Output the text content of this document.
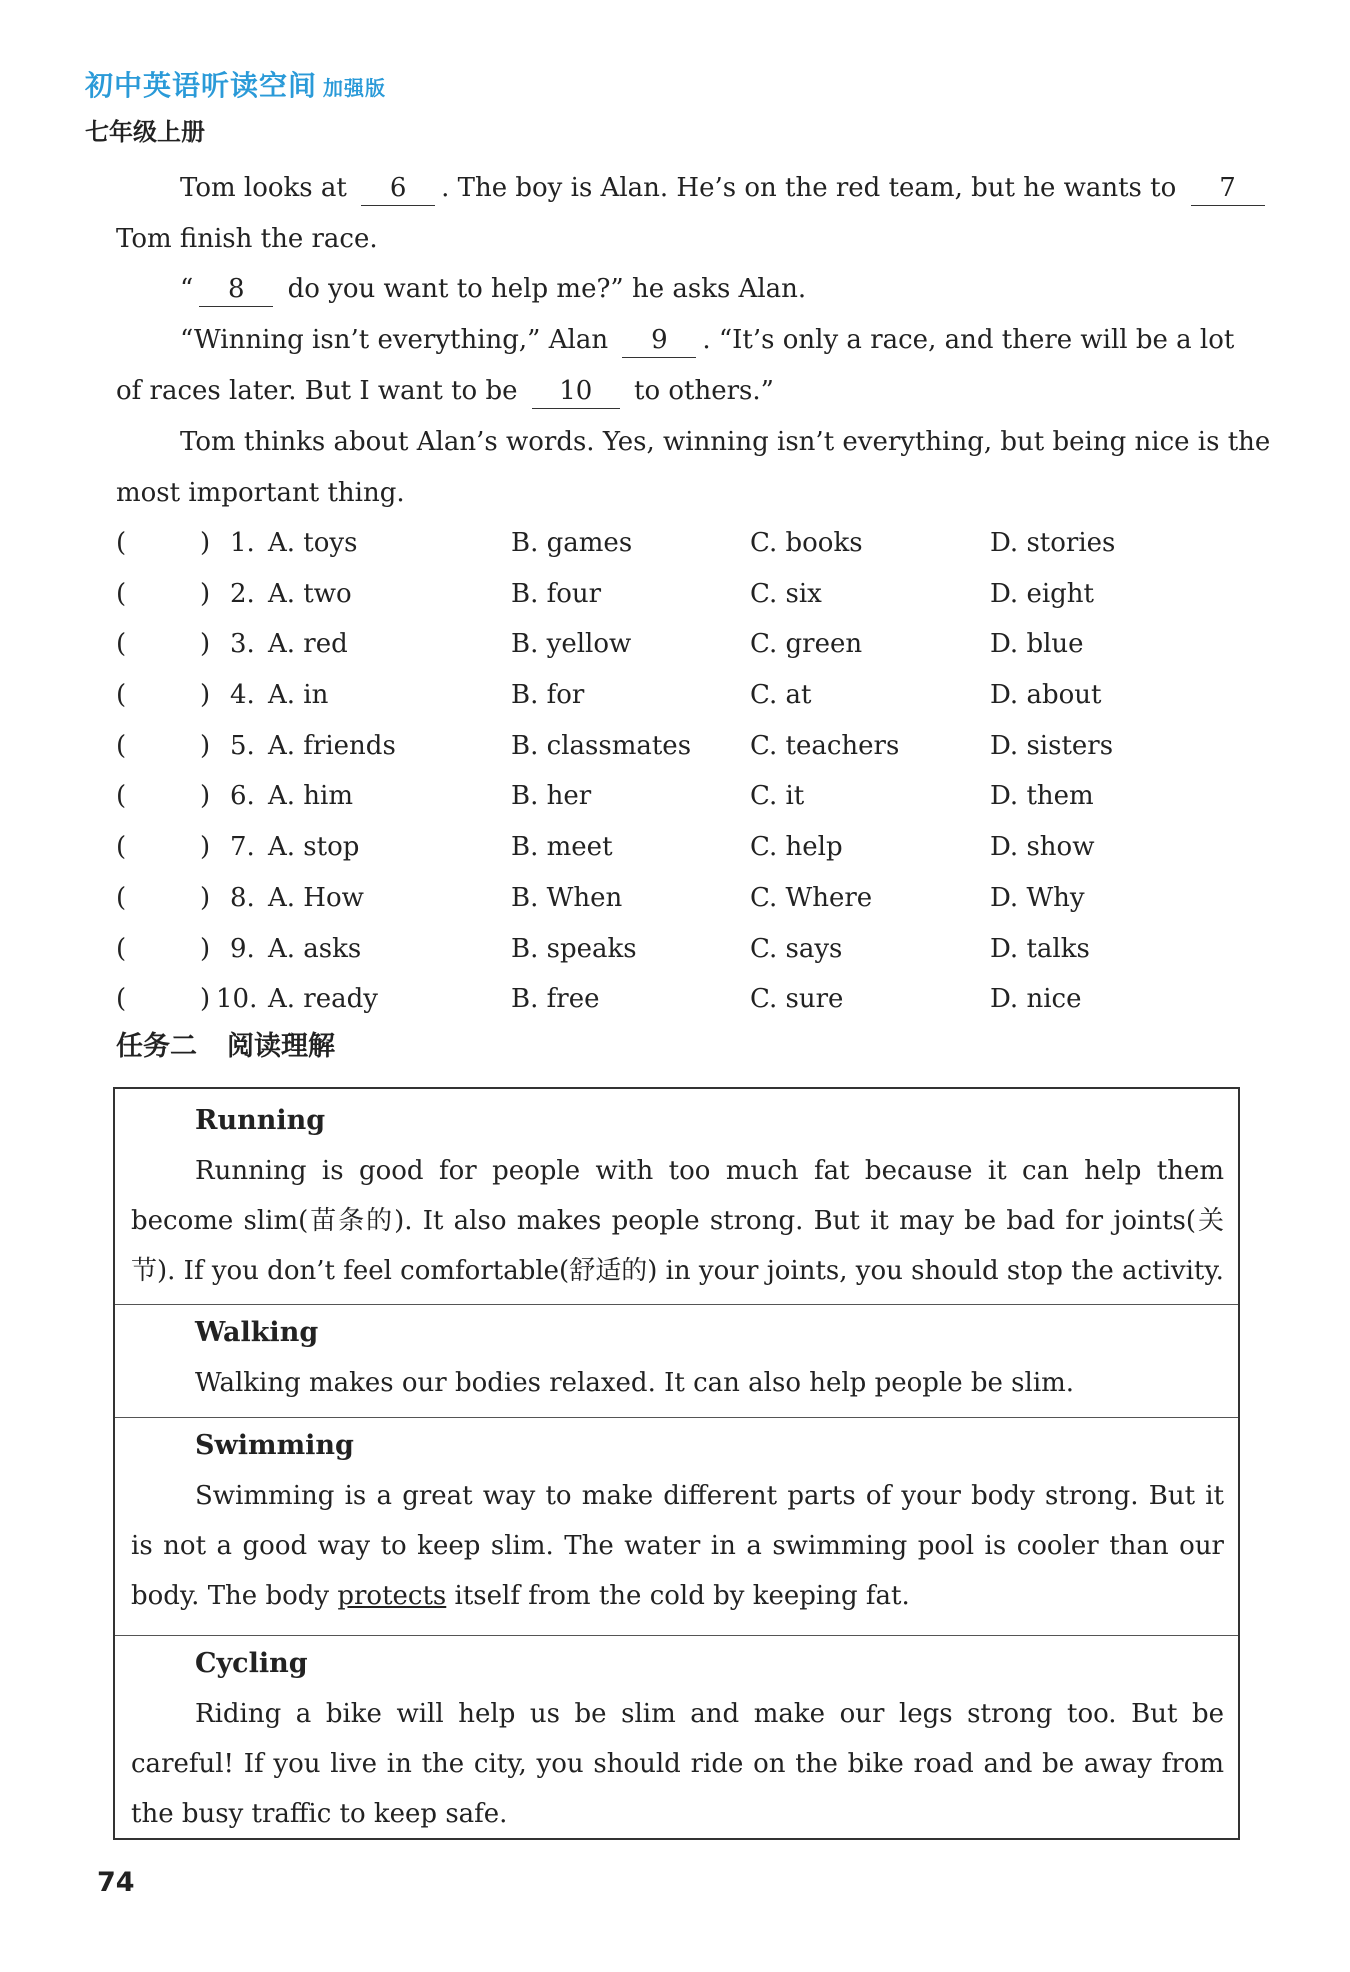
初中英语听读空间 加强版
七年级上册
Tom looks at 6 . The boy is Alan. He’s on the red team, but he wants to 7
Tom finish the race.
“ 8 do you want to help me?” he asks Alan.
“Winning isn’t everything,” Alan 9 . “It’s only a race, and there will be a lot
of races later. But I want to be 10 to others.”
Tom thinks about Alan’s words. Yes, winning isn’t everything, but being nice is the
most important thing.
(	) 1. A. toys	B. games	C. books	D. stories
(	) 2. A. two	B. four	C. six	D. eight
(	) 3. A. red	B. yellow	C. green	D. blue
(	) 4. A. in	B. for	C. at	D. about
(	) 5. A. friends	B. classmates C. teachers	D. sisters
(	) 6. A. him	B. her	C. it	D. them
(	) 7. A. stop	B. meet	C. help	D. show
(	) 8. A. How	B. When	C. Where	D. Why
(	) 9. A. asks	B. speaks	C. says	D. talks
(	) 10. A. ready	B. free	C. sure	D. nice
任务二 阅读理解
Running
Running is good for people with too much fat because it can help them become slim(苗条的). It also makes people strong. But it may be bad for joints(关节). If you don’t feel comfortable(舒适的) in your joints, you should stop the activity.
Walking
Walking makes our bodies relaxed. It can also help people be slim.
Swimming
Swimming is a great way to make different parts of your body strong. But it is not a good way to keep slim. The water in a swimming pool is cooler than our body. The body protects itself from the cold by keeping fat.
Cycling
Riding a bike will help us be slim and make our legs strong too. But be careful! If you live in the city, you should ride on the bike road and be away from the busy traffic to keep safe.
74
